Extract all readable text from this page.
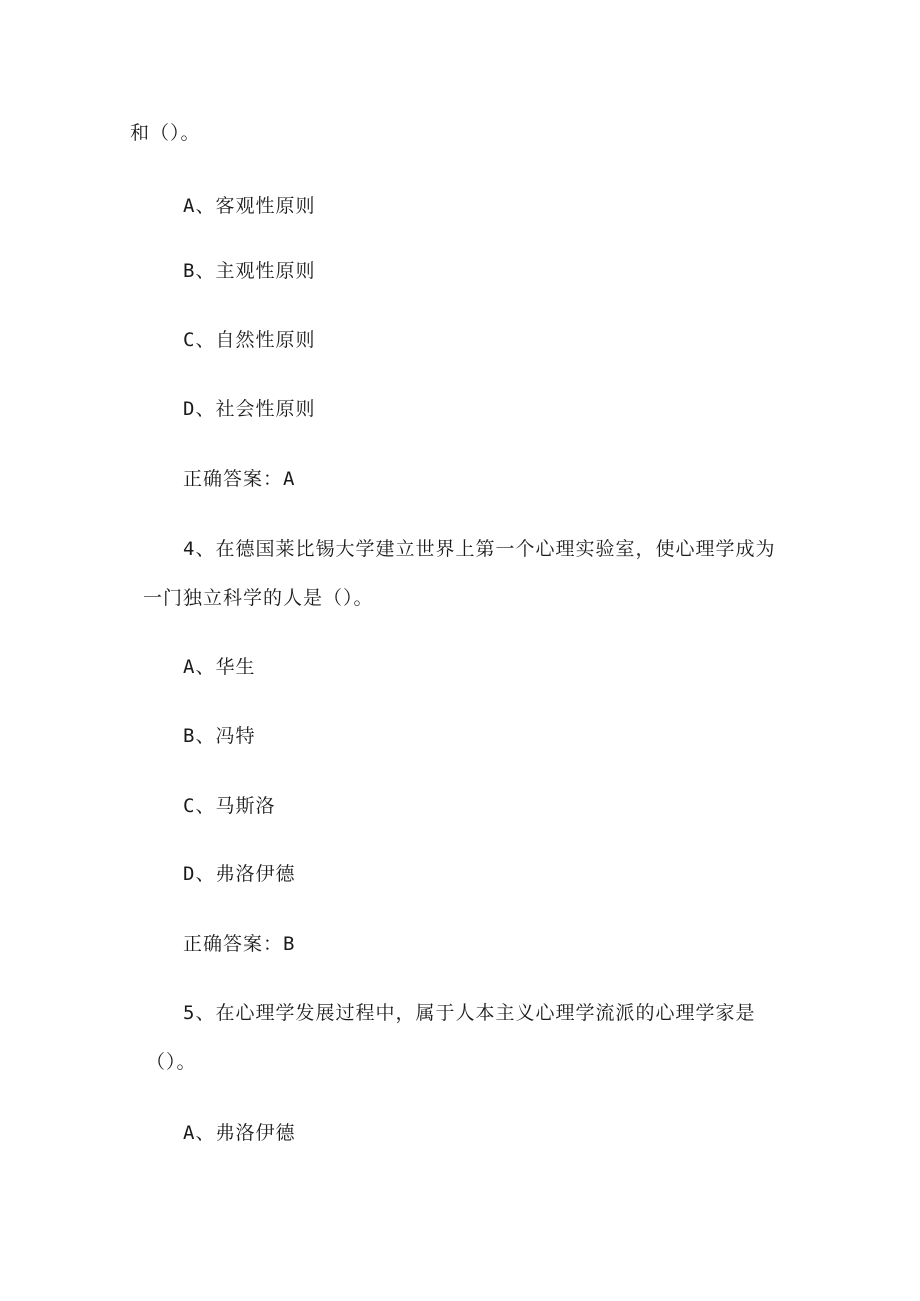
和（）。
A、客观性原则
B、主观性原则
C、自然性原则
D、社会性原则
正确答案：A
4、在德国莱比锡大学建立世界上第一个心理实验室，使心理学成为
一门独立科学的人是（）。
A、华生
B、冯特
C、马斯洛
D、弗洛伊德
正确答案：B
5、在心理学发展过程中，属于人本主义心理学流派的心理学家是
（）。
A、弗洛伊德
